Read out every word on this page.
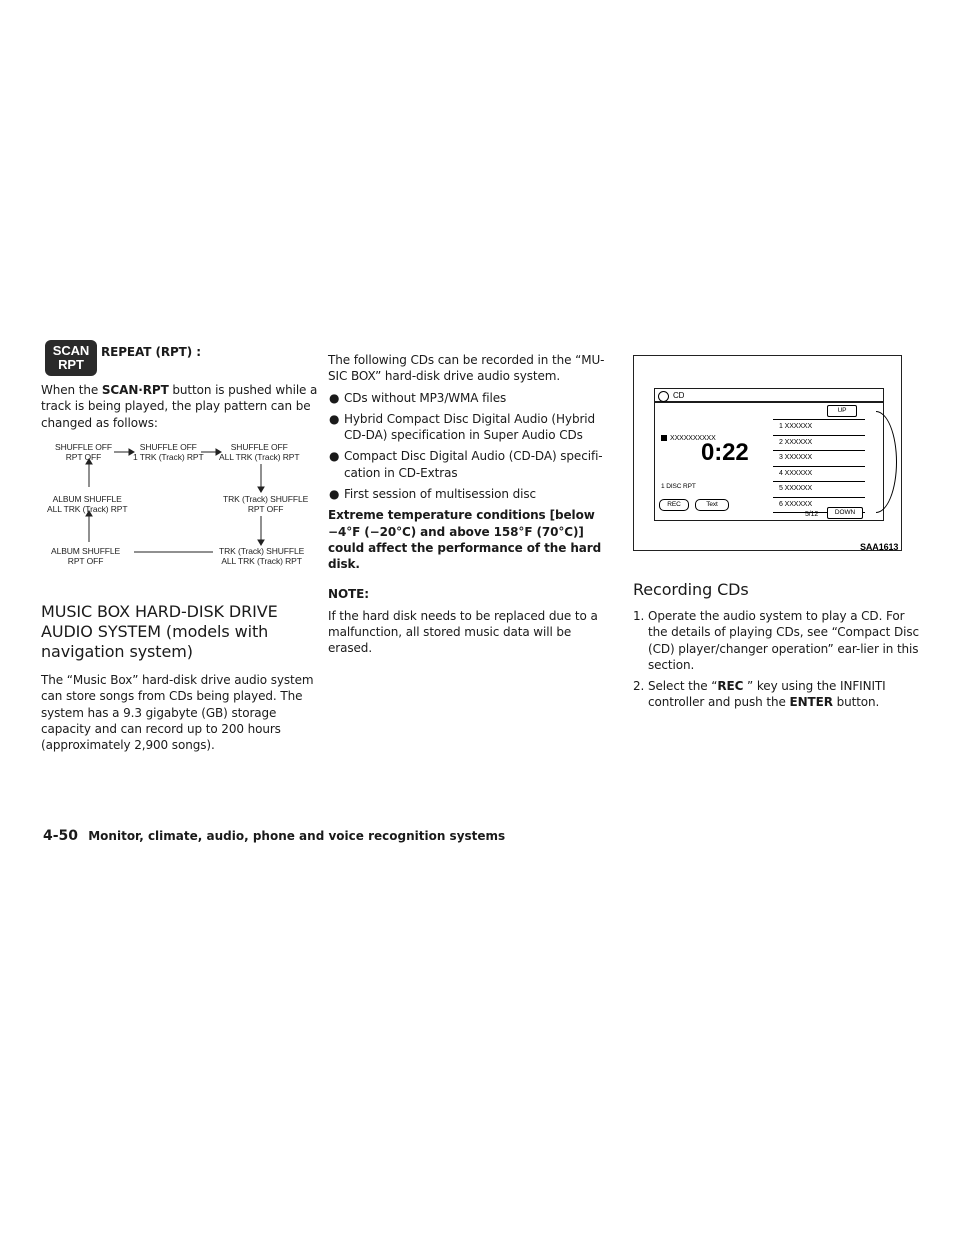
SCAN
RPT
REPEAT (RPT) :

When the SCAN·RPT button is pushed while a track is being played, the play pattern can be changed as follows:

SHUFFLE OFF
RPT OFF
SHUFFLE OFF
1 TRK (Track) RPT
SHUFFLE OFF
ALL TRK (Track) RPT
ALBUM SHUFFLE
ALL TRK (Track) RPT
TRK (Track) SHUFFLE
RPT OFF
ALBUM SHUFFLE
RPT OFF
TRK (Track) SHUFFLE
ALL TRK (Track) RPT
MUSIC BOX HARD-DISK DRIVE AUDIO SYSTEM (models with navigation system)

The “Music Box” hard-disk drive audio system can store songs from CDs being played. The system has a 9.3 gigabyte (GB) storage capacity and can record up to 200 hours (approximately 2,900 songs).

The following CDs can be recorded in the “MU-SIC BOX” hard-disk drive audio system.

● CDs without MP3/WMA files
● Hybrid Compact Disc Digital Audio (Hybrid CD-DA) specification in Super Audio CDs
● Compact Disc Digital Audio (CD-DA) specifi-cation in CD-Extras
● First session of multisession disc

Extreme temperature conditions [below −4°F (−20°C) and above 158°F (70°C)] could affect the performance of the hard disk.

NOTE:

If the hard disk needs to be replaced due to a malfunction, all stored music data will be erased.

CD
XXXXXXXXXX
0:22
1 DISC RPT
REC	Text
UP
1 XXXXXX
2 XXXXXX
3 XXXXXX
4 XXXXXX
5 XXXXXX
6 XXXXXX
5/12	DOWN
SAA1613
Recording CDs
1. Operate the audio system to play a CD. For the details of playing CDs, see “Compact Disc (CD) player/changer operation” ear-lier in this section.
2. Select the “REC ” key using the INFINITI controller and push the ENTER button.
4-50 Monitor, climate, audio, phone and voice recognition systems
